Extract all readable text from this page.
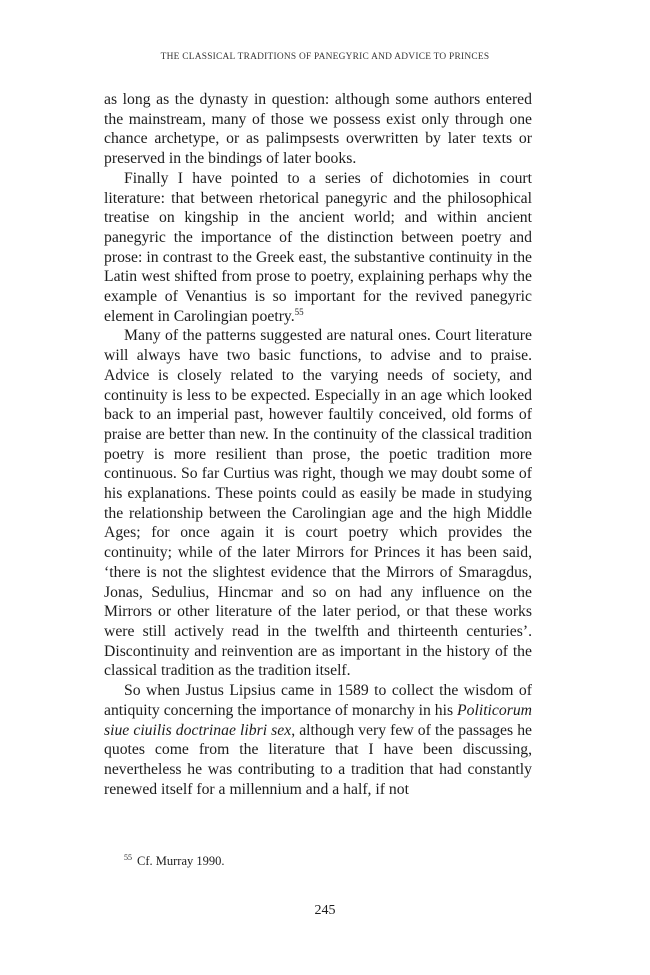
THE CLASSICAL TRADITIONS OF PANEGYRIC AND ADVICE TO PRINCES

as long as the dynasty in question: although some authors entered the mainstream, many of those we possess exist only through one chance archetype, or as palimpsests overwritten by later texts or preserved in the bindings of later books.

Finally I have pointed to a series of dichotomies in court literature: that between rhetorical panegyric and the philosophical treatise on kingship in the ancient world; and within ancient panegyric the importance of the distinction between poetry and prose: in contrast to the Greek east, the substantive continuity in the Latin west shifted from prose to poetry, explaining perhaps why the example of Venantius is so important for the revived panegyric element in Carolingian poetry.$^{55}$

Many of the patterns suggested are natural ones. Court literature will always have two basic functions, to advise and to praise. Advice is closely related to the varying needs of society, and continuity is less to be expected. Especially in an age which looked back to an imperial past, however faultily conceived, old forms of praise are better than new. In the continuity of the classical tradition poetry is more resilient than prose, the poetic tradition more continuous. So far Curtius was right, though we may doubt some of his explanations. These points could as easily be made in studying the relationship between the Carolingian age and the high Middle Ages; for once again it is court poetry which provides the continuity; while of the later Mirrors for Princes it has been said, ‘there is not the slightest evidence that the Mirrors of Smaragdus, Jonas, Sedulius, Hincmar and so on had any influence on the Mirrors or other literature of the later period, or that these works were still actively read in the twelfth and thirteenth centuries’. Discontinuity and reinvention are as important in the history of the classical tradition as the tradition itself.

So when Justus Lipsius came in 1589 to collect the wisdom of antiquity concerning the importance of monarchy in his Politicorum siue ciuilis doctrinae libri sex, although very few of the passages he quotes come from the literature that I have been discussing, nevertheless he was contributing to a tradition that had constantly renewed itself for a millennium and a half, if not

$^{55}$ Cf. Murray 1990.
245
